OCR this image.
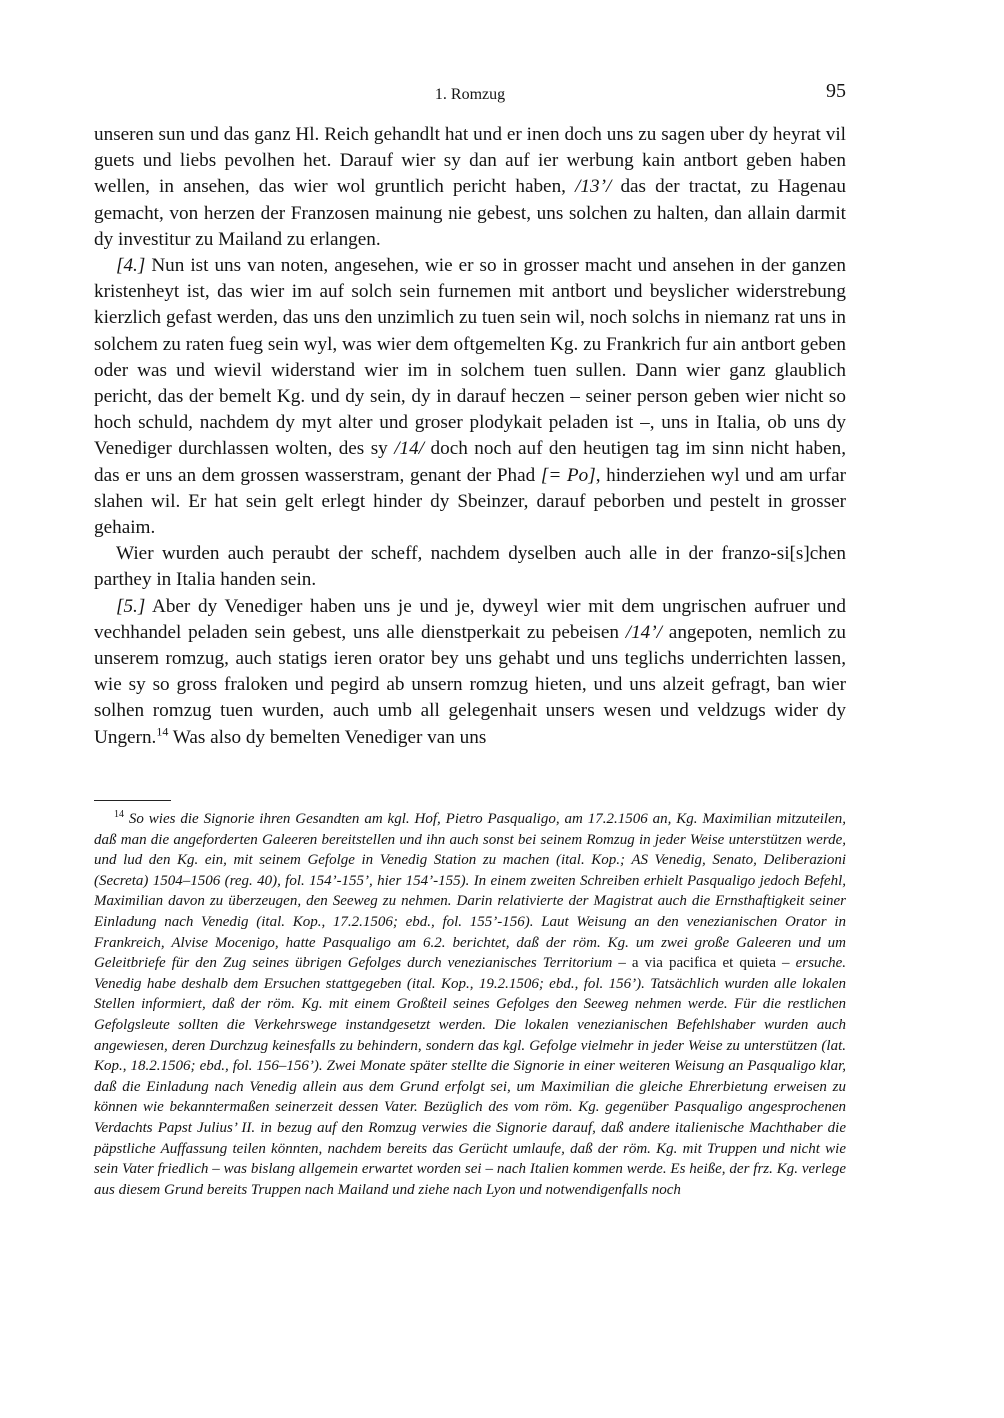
1. Romzug	95

unseren sun und das ganz Hl. Reich gehandlt hat und er inen doch uns zu sagen uber dy heyrat vil guets und liebs pevolhen het. Darauf wier sy dan auf ier werbung kain antbort geben haben wellen, in ansehen, das wier wol gruntlich pericht haben, /13’/ das der tractat, zu Hagenau gemacht, von herzen der Franzosen mainung nie gebest, uns solchen zu halten, dan allain darmit dy investitur zu Mailand zu erlangen.

[4.] Nun ist uns van noten, angesehen, wie er so in grosser macht und ansehen in der ganzen kristenheyt ist, das wier im auf solch sein furnemen mit antbort und beyslicher widerstrebung kierzlich gefast werden, das uns den unzimlich zu tuen sein wil, noch solchs in niemanz rat uns in solchem zu raten fueg sein wyl, was wier dem oftgemelten Kg. zu Frankrich fur ain antbort geben oder was und wievil widerstand wier im in solchem tuen sullen. Dann wier ganz glaublich pericht, das der bemelt Kg. und dy sein, dy in darauf heczen – seiner person geben wier nicht so hoch schuld, nachdem dy myt alter und groser plodykait peladen ist –, uns in Italia, ob uns dy Venediger durchlassen wolten, des sy /14/ doch noch auf den heutigen tag im sinn nicht haben, das er uns an dem grossen wasserstram, genant der Phad [= Po], hinderziehen wyl und am urfar slahen wil. Er hat sein gelt erlegt hinder dy Sbeinzer, darauf peborben und pestelt in grosser gehaim.

Wier wurden auch peraubt der scheff, nachdem dyselben auch alle in der franzo-si[s]chen parthey in Italia handen sein.

[5.] Aber dy Venediger haben uns je und je, dyweyl wier mit dem ungrischen aufruer und vechhandel peladen sein gebest, uns alle dienstperkait zu pebeisen /14’/ angepoten, nemlich zu unserem romzug, auch statigs ieren orator bey uns gehabt und uns teglichs underrichten lassen, wie sy so gross fraloken und pegird ab unsern romzug hieten, und uns alzeit gefragt, ban wier solhen romzug tuen wurden, auch umb all gelegenhait unsers wesen und veldzugs wider dy Ungern.$^{14}$ Was also dy bemelten Venediger van uns

$^{14}$ So wies die Signorie ihren Gesandten am kgl. Hof, Pietro Pasqualigo, am 17.2.1506 an, Kg. Maximilian mitzuteilen, daß man die angeforderten Galeeren bereitstellen und ihn auch sonst bei seinem Romzug in jeder Weise unterstützen werde, und lud den Kg. ein, mit seinem Gefolge in Venedig Station zu machen (ital. Kop.; AS Venedig, Senato, Deliberazioni (Secreta) 1504–1506 (reg. 40), fol. 154’-155’, hier 154’-155). In einem zweiten Schreiben erhielt Pasqualigo jedoch Befehl, Maximilian davon zu überzeugen, den Seeweg zu nehmen. Darin relativierte der Magistrat auch die Ernsthaftigkeit seiner Einladung nach Venedig (ital. Kop., 17.2.1506; ebd., fol. 155’-156). Laut Weisung an den venezianischen Orator in Frankreich, Alvise Mocenigo, hatte Pasqualigo am 6.2. berichtet, daß der röm. Kg. um zwei große Galeeren und um Geleitbriefe für den Zug seines übrigen Gefolges durch venezianisches Territorium – a via pacifica et quieta – ersuche. Venedig habe deshalb dem Ersuchen stattgegeben (ital. Kop., 19.2.1506; ebd., fol. 156’). Tatsächlich wurden alle lokalen Stellen informiert, daß der röm. Kg. mit einem Großteil seines Gefolges den Seeweg nehmen werde. Für die restlichen Gefolgsleute sollten die Verkehrswege instandgesetzt werden. Die lokalen venezianischen Befehlshaber wurden auch angewiesen, deren Durchzug keinesfalls zu behindern, sondern das kgl. Gefolge vielmehr in jeder Weise zu unterstützen (lat. Kop., 18.2.1506; ebd., fol. 156–156’). Zwei Monate später stellte die Signorie in einer weiteren Weisung an Pasqualigo klar, daß die Einladung nach Venedig allein aus dem Grund erfolgt sei, um Maximilian die gleiche Ehrerbietung erweisen zu können wie bekanntermaßen seinerzeit dessen Vater. Bezüglich des vom röm. Kg. gegenüber Pasqualigo angesprochenen Verdachts Papst Julius’ II. in bezug auf den Romzug verwies die Signorie darauf, daß andere italienische Machthaber die päpstliche Auffassung teilen könnten, nachdem bereits das Gerücht umlaufe, daß der röm. Kg. mit Truppen und nicht wie sein Vater friedlich – was bislang allgemein erwartet worden sei – nach Italien kommen werde. Es heiße, der frz. Kg. verlege aus diesem Grund bereits Truppen nach Mailand und ziehe nach Lyon und notwendigenfalls noch
